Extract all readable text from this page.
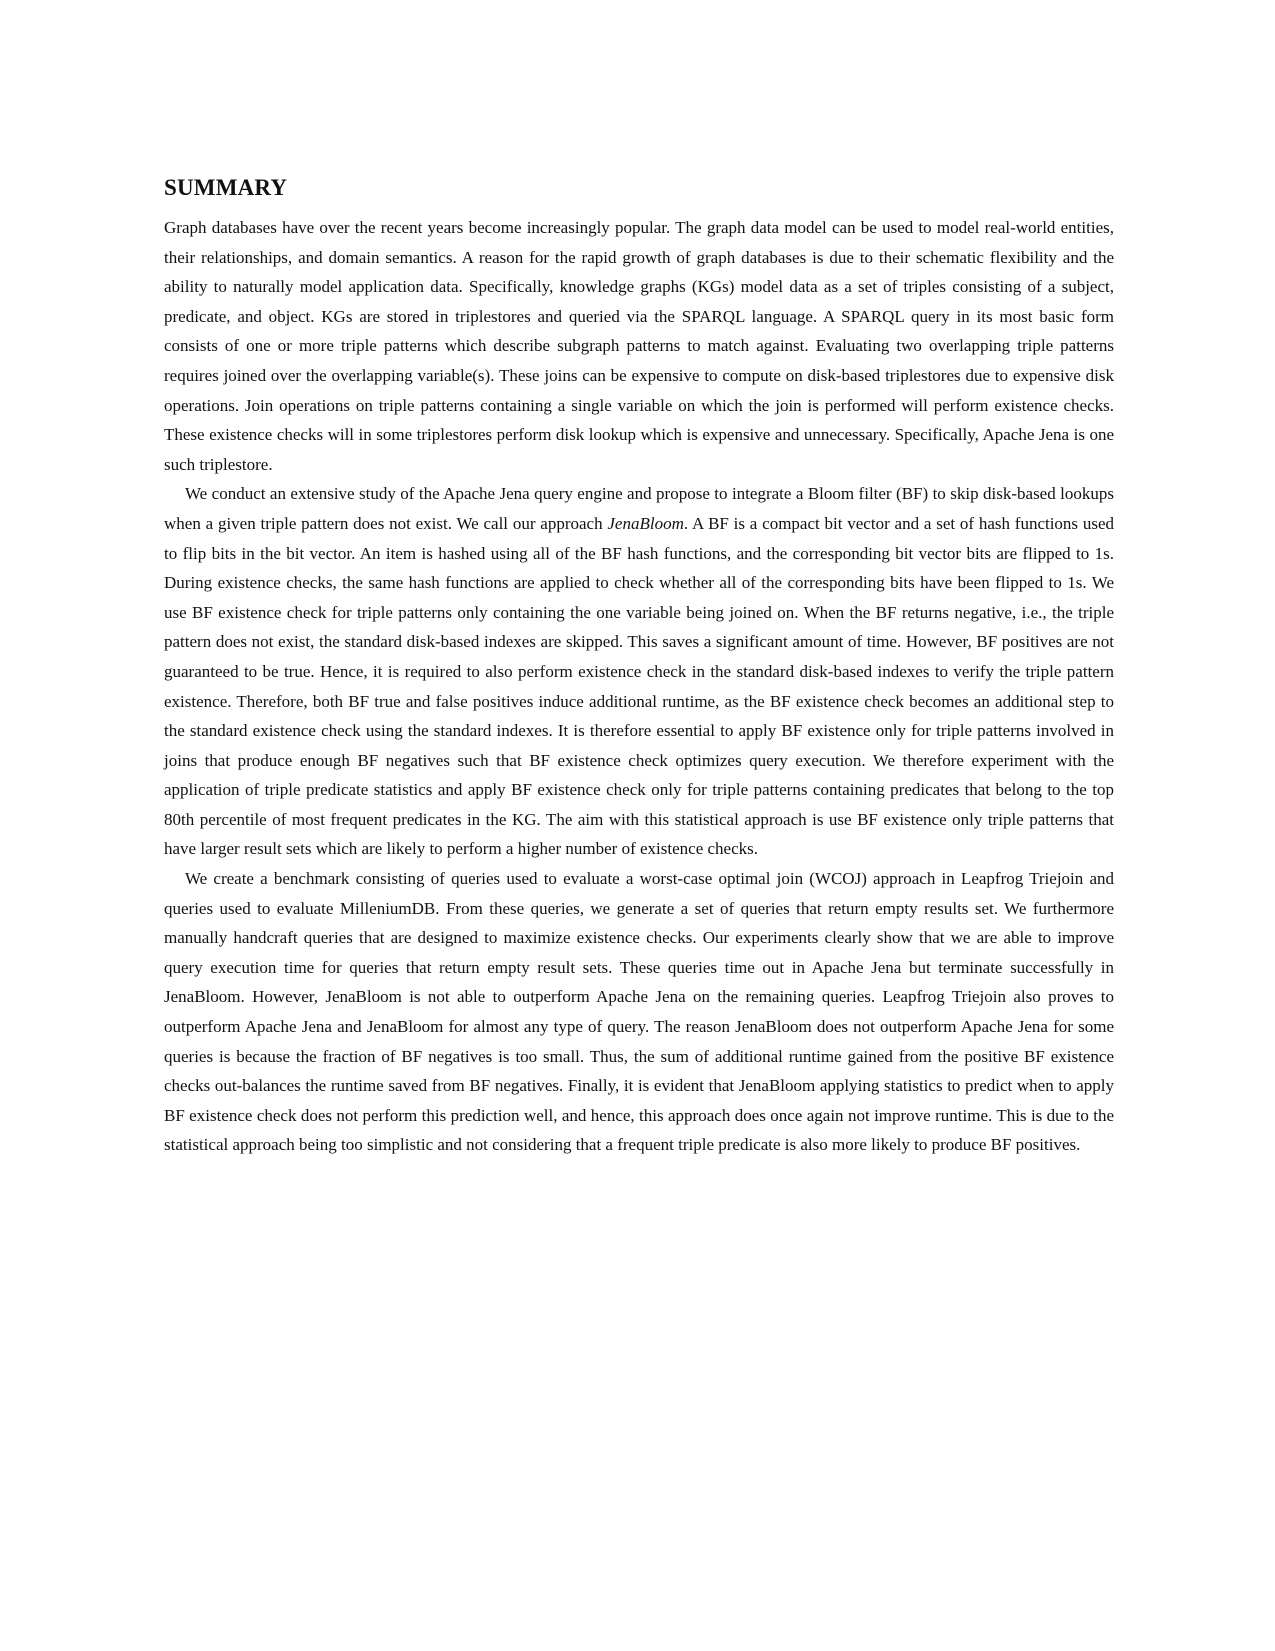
SUMMARY

Graph databases have over the recent years become increasingly popular. The graph data model can be used to model real-world entities, their relationships, and domain semantics. A reason for the rapid growth of graph databases is due to their schematic flexibility and the ability to naturally model application data. Specifically, knowledge graphs (KGs) model data as a set of triples consisting of a subject, predicate, and object. KGs are stored in triplestores and queried via the SPARQL language. A SPARQL query in its most basic form consists of one or more triple patterns which describe subgraph patterns to match against. Evaluating two overlapping triple patterns requires joined over the overlapping variable(s). These joins can be expensive to compute on disk-based triplestores due to expensive disk operations. Join operations on triple patterns containing a single variable on which the join is performed will perform existence checks. These existence checks will in some triplestores perform disk lookup which is expensive and unnecessary. Specifically, Apache Jena is one such triplestore.

We conduct an extensive study of the Apache Jena query engine and propose to integrate a Bloom filter (BF) to skip disk-based lookups when a given triple pattern does not exist. We call our approach JenaBloom. A BF is a compact bit vector and a set of hash functions used to flip bits in the bit vector. An item is hashed using all of the BF hash functions, and the corresponding bit vector bits are flipped to 1s. During existence checks, the same hash functions are applied to check whether all of the corresponding bits have been flipped to 1s. We use BF existence check for triple patterns only containing the one variable being joined on. When the BF returns negative, i.e., the triple pattern does not exist, the standard disk-based indexes are skipped. This saves a significant amount of time. However, BF positives are not guaranteed to be true. Hence, it is required to also perform existence check in the standard disk-based indexes to verify the triple pattern existence. Therefore, both BF true and false positives induce additional runtime, as the BF existence check becomes an additional step to the standard existence check using the standard indexes. It is therefore essential to apply BF existence only for triple patterns involved in joins that produce enough BF negatives such that BF existence check optimizes query execution. We therefore experiment with the application of triple predicate statistics and apply BF existence check only for triple patterns containing predicates that belong to the top 80th percentile of most frequent predicates in the KG. The aim with this statistical approach is use BF existence only triple patterns that have larger result sets which are likely to perform a higher number of existence checks.

We create a benchmark consisting of queries used to evaluate a worst-case optimal join (WCOJ) approach in Leapfrog Triejoin and queries used to evaluate MilleniumDB. From these queries, we generate a set of queries that return empty results set. We furthermore manually handcraft queries that are designed to maximize existence checks. Our experiments clearly show that we are able to improve query execution time for queries that return empty result sets. These queries time out in Apache Jena but terminate successfully in JenaBloom. However, JenaBloom is not able to outperform Apache Jena on the remaining queries. Leapfrog Triejoin also proves to outperform Apache Jena and JenaBloom for almost any type of query. The reason JenaBloom does not outperform Apache Jena for some queries is because the fraction of BF negatives is too small. Thus, the sum of additional runtime gained from the positive BF existence checks out-balances the runtime saved from BF negatives. Finally, it is evident that JenaBloom applying statistics to predict when to apply BF existence check does not perform this prediction well, and hence, this approach does once again not improve runtime. This is due to the statistical approach being too simplistic and not considering that a frequent triple predicate is also more likely to produce BF positives.
